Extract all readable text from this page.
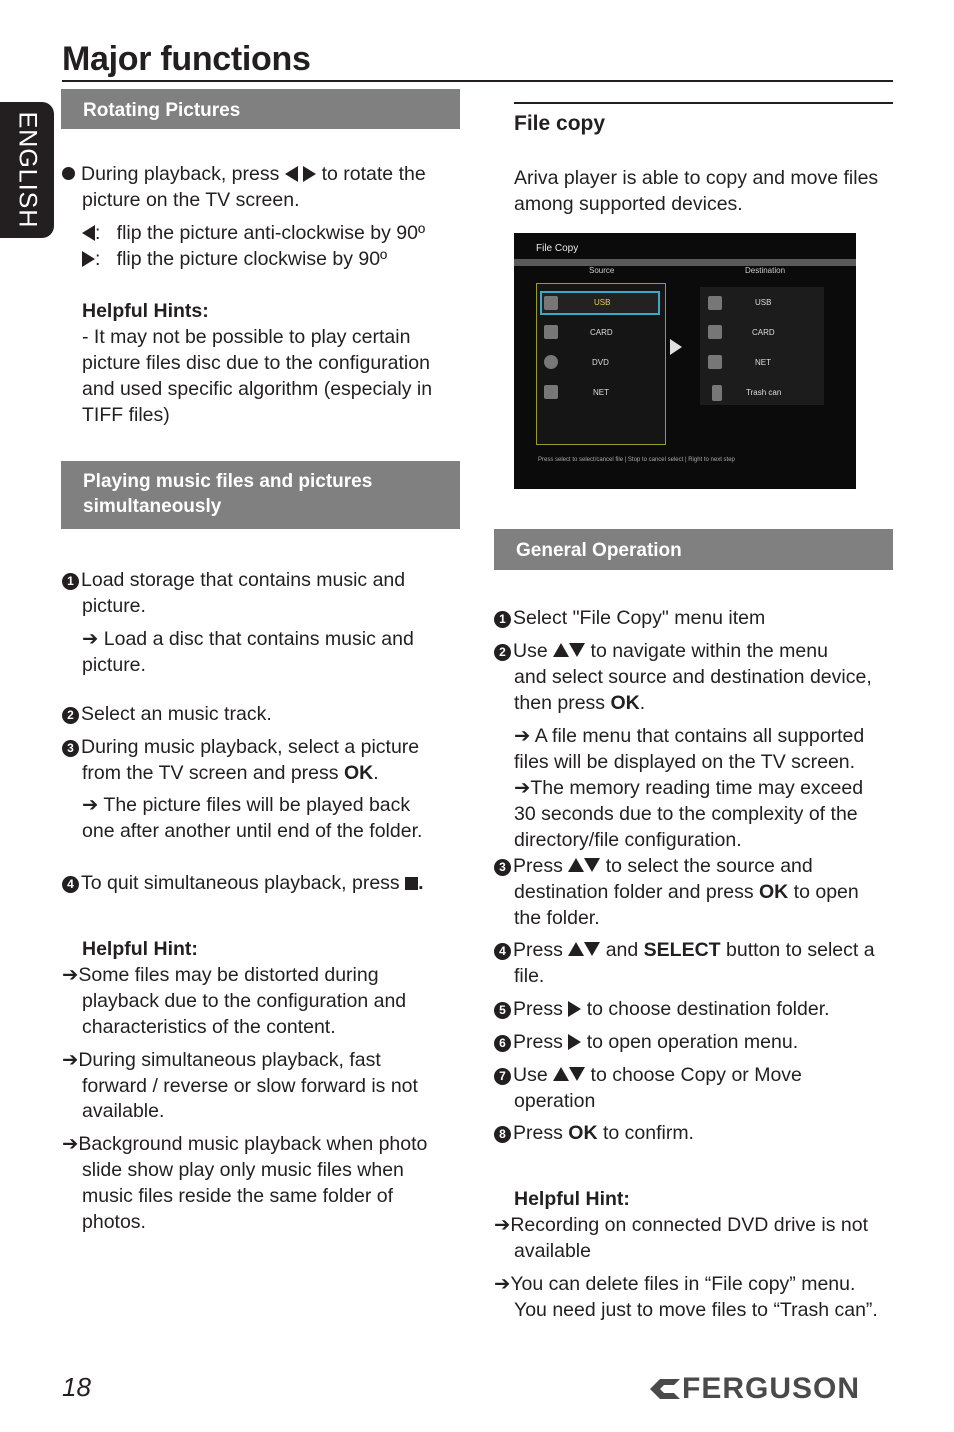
Major functions
ENGLISH
Rotating Pictures
During playback, press to rotate the
picture on the TV screen.
:   flip the picture anti-clockwise by 90º
:   flip the picture clockwise by 90º
Helpful Hints:
- It may not be possible to play certain
picture files disc due to the configuration
and used specific algorithm (especialy in
TIFF files)
Playing music files and pictures
simultaneously
1 Load storage that contains music and
picture.
➔ Load a disc that contains music and
picture.
2 Select an music track.
3 During music playback, select a picture
from the TV screen and press OK.
➔ The picture files will be played back
one after another until end of the folder.
4 To quit simultaneous playback, press .
Helpful Hint:
➔Some files may be distorted during
playback due to the configuration and
characteristics of the content.
➔During simultaneous playback, fast
forward / reverse or slow forward is not
available.
➔Background music playback when photo
slide show play only music files when
music files reside the same folder of
photos.
File copy
Ariva player is able to copy and move files
among supported devices.
File Copy
Source	Destination
USB
CARD
DVD
NET
USB
CARD
NET
Trash can
Press select to select/cancel file | Stop to cancel select | Right to next step
General Operation
1 Select "File Copy" menu item
2 Use to navigate within the menu
and select source and destination device,
then press OK.
➔ A file menu that contains all supported
files will be displayed on the TV screen.
➔The memory reading time may exceed
30 seconds due to the complexity of the
directory/file configuration.
3 Press to select the source and
destination folder and press OK to open
the folder.
4 Press and SELECT button to select a
file.
5 Press to choose destination folder.
6 Press to open operation menu.
7 Use to choose Copy or Move
operation
8 Press OK to confirm.
Helpful Hint:
➔Recording on connected DVD drive is not
available
➔You can delete files in “File copy” menu.
You need just to move files to “Trash can”.
18	FERGUSON
